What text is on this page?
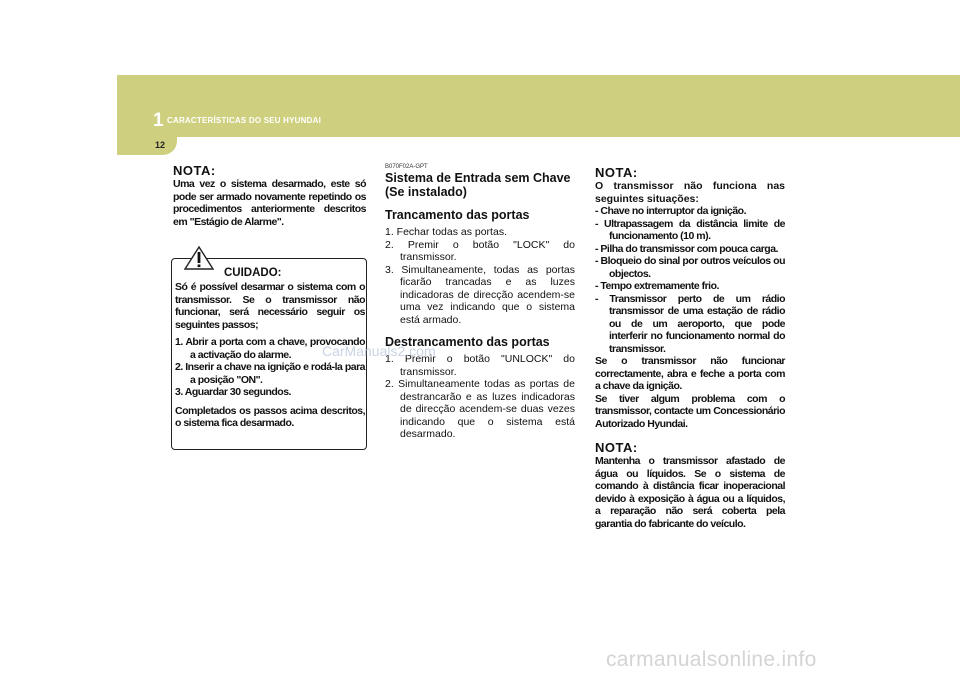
1 CARACTERÍSTICAS DO SEU HYUNDAI
12

NOTA:

Uma vez o sistema desarmado, este só pode ser armado novamente repetindo os procedimentos anteriormente descritos em "Estágio de Alarme".

CUIDADO:

Só é possível desarmar o sistema com o transmissor. Se o transmissor não funcionar, será necessário seguir os seguintes passos;

1. Abrir a porta com a chave, provocando a activação do alarme.
2. Inserir a chave na ignição e rodá-la para a posição "ON".
3. Aguardar 30 segundos.

Completados os passos acima descritos, o sistema fica desarmado.

B070F02A-GPT

Sistema de Entrada sem Chave (Se instalado)

Trancamento das portas

1. Fechar todas as portas.
2. Premir o botão "LOCK" do transmissor.
3. Simultaneamente, todas as portas ficarão trancadas e as luzes indicadoras de direcção acendem-se uma vez indicando que o sistema está armado.

Destrancamento das portas

1. Premir o botão "UNLOCK" do transmissor.
2. Simultaneamente todas as portas de destrancarão e as luzes indicadoras de direcção acendem-se duas vezes indicando que o sistema está desarmado.

NOTA:

O transmissor não funciona nas seguintes situações:

- Chave no interruptor da ignição.
- Ultrapassagem da distância limite de funcionamento (10 m).
- Pilha do transmissor com pouca carga.
- Bloqueio do sinal por outros veículos ou objectos.
- Tempo extremamente frio.
- Transmissor perto de um rádio transmissor de uma estação de rádio ou de um aeroporto, que pode interferir no funcionamento normal do transmissor.

Se o transmissor não funcionar correctamente, abra e feche a porta com a chave da ignição.

Se tiver algum problema com o transmissor, contacte um Concessionário Autorizado Hyundai.

NOTA:

Mantenha o transmissor afastado de água ou líquidos. Se o sistema de comando à distância ficar inoperacional devido à exposição à água ou a líquidos, a reparação não será coberta pela garantia do fabricante do veículo.

CarManuals2.com
carmanualsonline.info
